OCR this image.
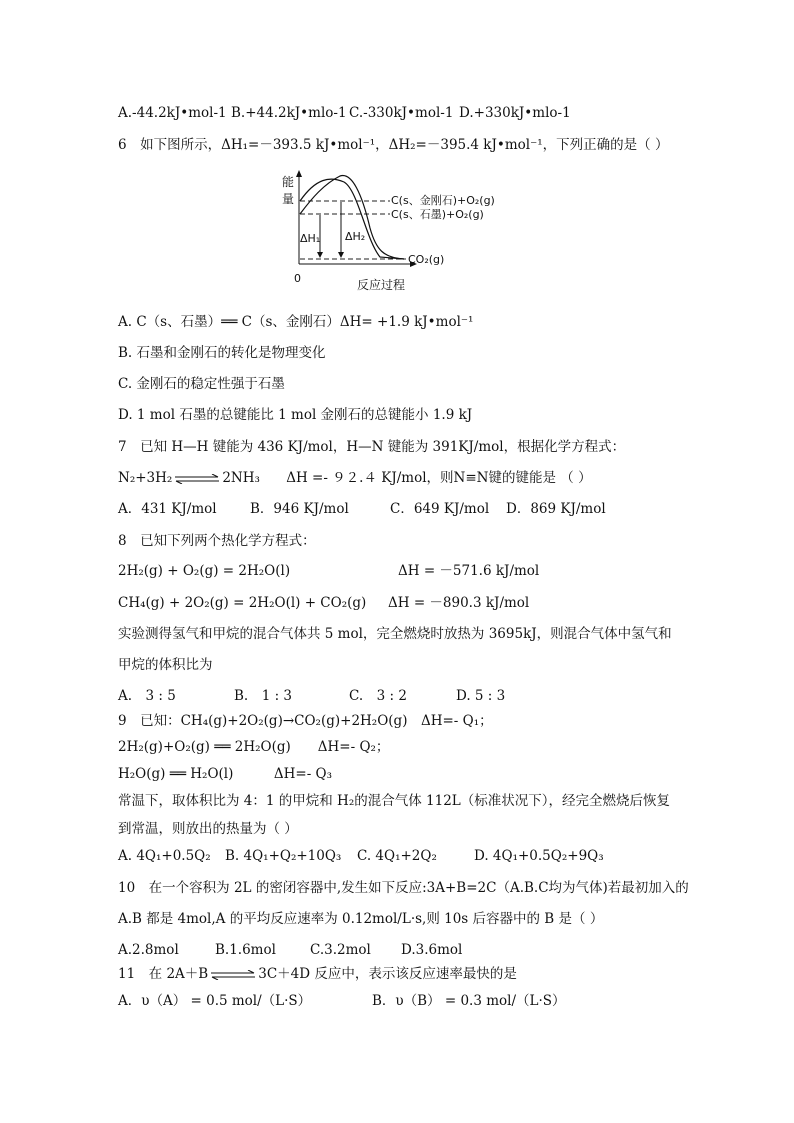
A.-44.2kJ•mol-1 B.+44.2kJ•mlo-1 C.-330kJ•mol-1 D.+330kJ•mlo-1
6　如下图所示，ΔH₁=－393.5 kJ•mol⁻¹，ΔH₂=－395.4 kJ•mol⁻¹，下列正确的是（ ）
能
量
0	反应过程
C(s、金刚石)+O₂(g)
C(s、石墨)+O₂(g)
CO₂(g)
ΔH₁ ΔH₂
A. C（s、石墨）══ C（s、金刚石）ΔH= +1.9 kJ•mol⁻¹
B. 石墨和金刚石的转化是物理变化
C. 金刚石的稳定性强于石墨
D. 1 mol 石墨的总键能比 1 mol 金刚石的总键能小 1.9 kJ
7　已知 H—H 键能为 436 KJ/mol，H—N 键能为 391KJ/mol，根据化学方程式：
N₂+3H₂ ⇌ 2NH₃ ΔH =- ９２.４ KJ/mol，则N≡N键的键能是 （ ）
A．431 KJ/mol	B．946 KJ/mol	C．649 KJ/mol	D．869 KJ/mol
8　已知下列两个热化学方程式：
2H₂(g) + O₂(g) = 2H₂O(l)	ΔH = －571.6 kJ/mol
CH₄(g) + 2O₂(g) = 2H₂O(l) + CO₂(g) ΔH = －890.3 kJ/mol
实验测得氢气和甲烷的混合气体共 5 mol，完全燃烧时放热为 3695kJ，则混合气体中氢气和
甲烷的体积比为
A.　3 : 5	B.　1 : 3	C.　3 : 2	D. 5 : 3
9　已知：CH₄(g)+2O₂(g)→CO₂(g)+2H₂O(g)　ΔH=- Q₁；
2H₂(g)+O₂(g) ══ 2H₂O(g)　　ΔH=- Q₂；
H₂O(g) ══ H₂O(l)　　　ΔH=- Q₃
常温下，取体积比为 4：1 的甲烷和 H₂的混合气体 112L（标准状况下），经完全燃烧后恢复
到常温，则放出的热量为（ ）
A. 4Q₁+0.5Q₂	B. 4Q₁+Q₂+10Q₃	C. 4Q₁+2Q₂	D. 4Q₁+0.5Q₂+9Q₃
10　在一个容积为 2L 的密闭容器中,发生如下反应:3A+B=2C（A.B.C均为气体)若最初加入的
A.B 都是 4mol,A 的平均反应速率为 0.12mol/L·s,则 10s 后容器中的 B 是（ ）
A.2.8mol	B.1.6mol	C.3.2mol	D.3.6mol
11　在 2A＋B ⇌ 3C＋4D 反应中，表示该反应速率最快的是
A．υ（A） = 0.5 mol/（L·S）	B．υ（B） = 0.3 mol/（L·S）
